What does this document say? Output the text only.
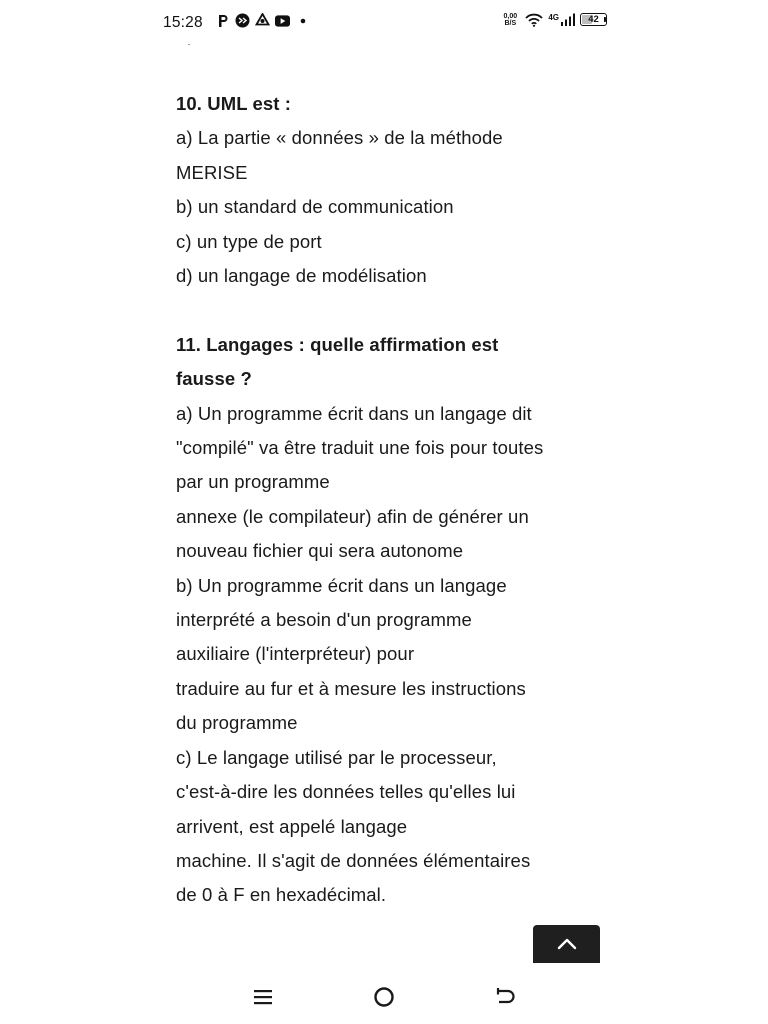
15:28	0,00
B/S
4G	42
10. UML est :
a) La partie « données » de la méthode
MERISE
b) un standard de communication
c) un type de port
d) un langage de modélisation
11. Langages : quelle affirmation est
fausse ?
a) Un programme écrit dans un langage dit
"compilé" va être traduit une fois pour toutes
par un programme
annexe (le compilateur) afin de générer un
nouveau fichier qui sera autonome
b) Un programme écrit dans un langage
interprété a besoin d'un programme
auxiliaire (l'interpréteur) pour
traduire au fur et à mesure les instructions
du programme
c) Le langage utilisé par le processeur,
c'est-à-dire les données telles qu'elles lui
arrivent, est appelé langage
machine. Il s'agit de données élémentaires
de 0 à F en hexadécimal.
